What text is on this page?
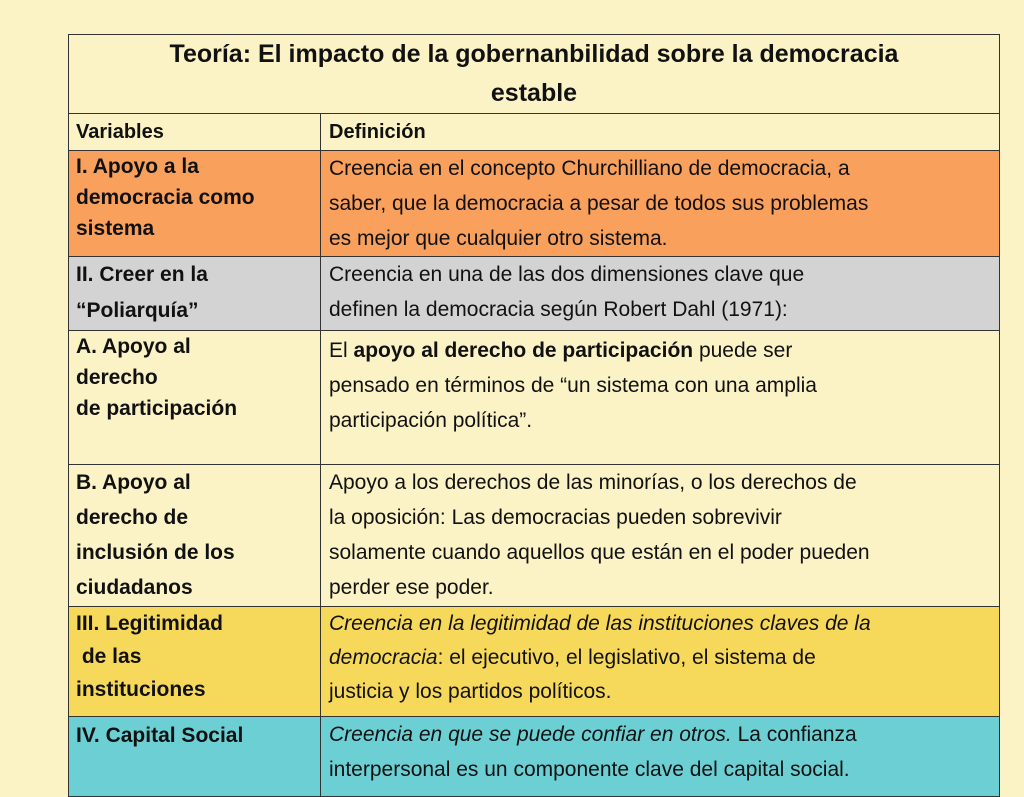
Teoría: El impacto de la gobernanbilidad sobre la democracia
estable	

Variables	Definición

I. Apoyo a la
democracia como
sistema	Creencia en el concepto Churchilliano de democracia, a
saber, que la democracia a pesar de todos sus problemas
es mejor que cualquier otro sistema.

II. Creer en la
“Poliarquía”	Creencia en una de las dos dimensiones clave que
definen la democracia según Robert Dahl (1971):

A. Apoyo al
derecho
de participación	El apoyo al derecho de participación puede ser
pensado en términos de “un sistema con una amplia
participación política”.

B. Apoyo al
derecho de
inclusión de los
ciudadanos	Apoyo a los derechos de las minorías, o los derechos de
la oposición: Las democracias pueden sobrevivir
solamente cuando aquellos que están en el poder pueden
perder ese poder.

III. Legitimidad
de las
instituciones	Creencia en la legitimidad de las instituciones claves de la
democracia: el ejecutivo, el legislativo, el sistema de
justicia y los partidos políticos.

IV. Capital Social	Creencia en que se puede confiar en otros. La confianza
interpersonal es un componente clave del capital social.
